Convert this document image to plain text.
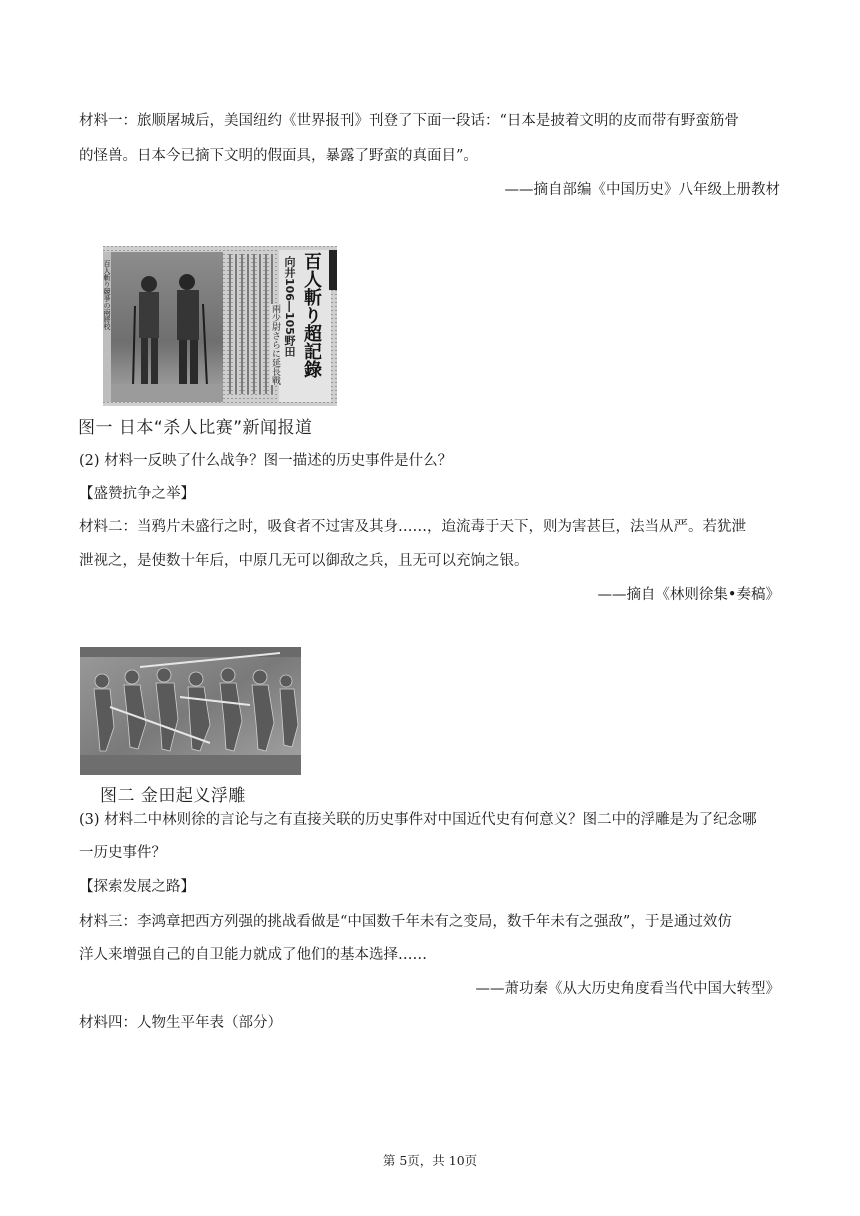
材料一：旅顺屠城后，美国纽约《世界报刊》刊登了下面一段话：“日本是披着文明的皮而带有野蛮筋骨
的怪兽。日本今已摘下文明的假面具，暴露了野蛮的真面目”。
——摘自部编《中国历史》八年级上册教材
百人斬り超記錄
向井106―105野田
兩少尉さらに延長戰
百人斬り競爭の兩將校
图一 日本“杀人比赛”新闻报道
(2) 材料一反映了什么战争？图一描述的历史事件是什么？
【盛赞抗争之举】
材料二：当鸦片未盛行之时，吸食者不过害及其身……，迨流毒于天下，则为害甚巨，法当从严。若犹泄
泄视之，是使数十年后，中原几无可以御敌之兵，且无可以充饷之银。
——摘自《林则徐集•奏稿》
图二 金田起义浮雕
(3) 材料二中林则徐的言论与之有直接关联的历史事件对中国近代史有何意义？图二中的浮雕是为了纪念哪
一历史事件？
【探索发展之路】
材料三：李鸿章把西方列强的挑战看做是“中国数千年未有之变局，数千年未有之强敌”，于是通过效仿
洋人来增强自己的自卫能力就成了他们的基本选择……
——萧功秦《从大历史角度看当代中国大转型》
材料四：人物生平年表（部分）
第 5页，共 10页
